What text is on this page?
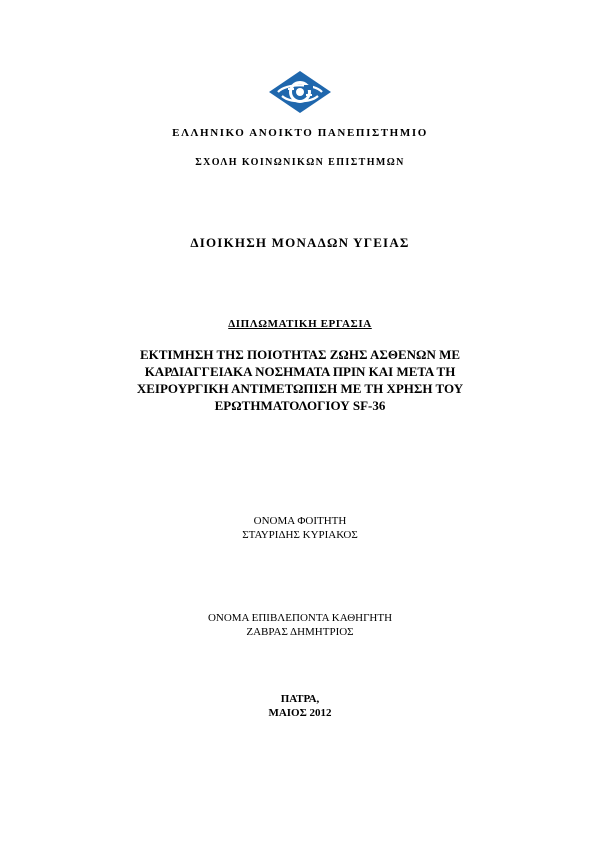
ΕΛΛΗΝΙΚΟ ΑΝΟΙΚΤΟ ΠΑΝΕΠΙΣΤΗΜΙΟ
ΣΧΟΛΗ ΚΟΙΝΩΝΙΚΩΝ ΕΠΙΣΤΗΜΩΝ
ΔΙΟΙΚΗΣΗ ΜΟΝΑΔΩΝ ΥΓΕΙΑΣ
ΔΙΠΛΩΜΑΤΙΚΗ ΕΡΓΑΣΙΑ
ΕΚΤΙΜΗΣΗ ΤΗΣ ΠΟΙΟΤΗΤΑΣ ΖΩΗΣ ΑΣΘΕΝΩΝ ΜΕ
ΚΑΡΔΙΑΓΓΕΙΑΚΑ ΝΟΣΗΜΑΤΑ ΠΡΙΝ ΚΑΙ ΜΕΤΑ ΤΗ
ΧΕΙΡΟΥΡΓΙΚΗ ΑΝΤΙΜΕΤΩΠΙΣΗ ΜΕ ΤΗ ΧΡΗΣΗ ΤΟΥ
ΕΡΩΤΗΜΑΤΟΛΟΓΙΟΥ SF-36
ΟΝΟΜΑ ΦΟΙΤΗΤΗ
ΣΤΑΥΡΙΔΗΣ ΚΥΡΙΑΚΟΣ
ΟΝΟΜΑ ΕΠΙΒΛΕΠΟΝΤΑ ΚΑΘΗΓΗΤΗ
ΖΑΒΡΑΣ ΔΗΜΗΤΡΙΟΣ
ΠΑΤΡΑ,
ΜΑΙΟΣ 2012
